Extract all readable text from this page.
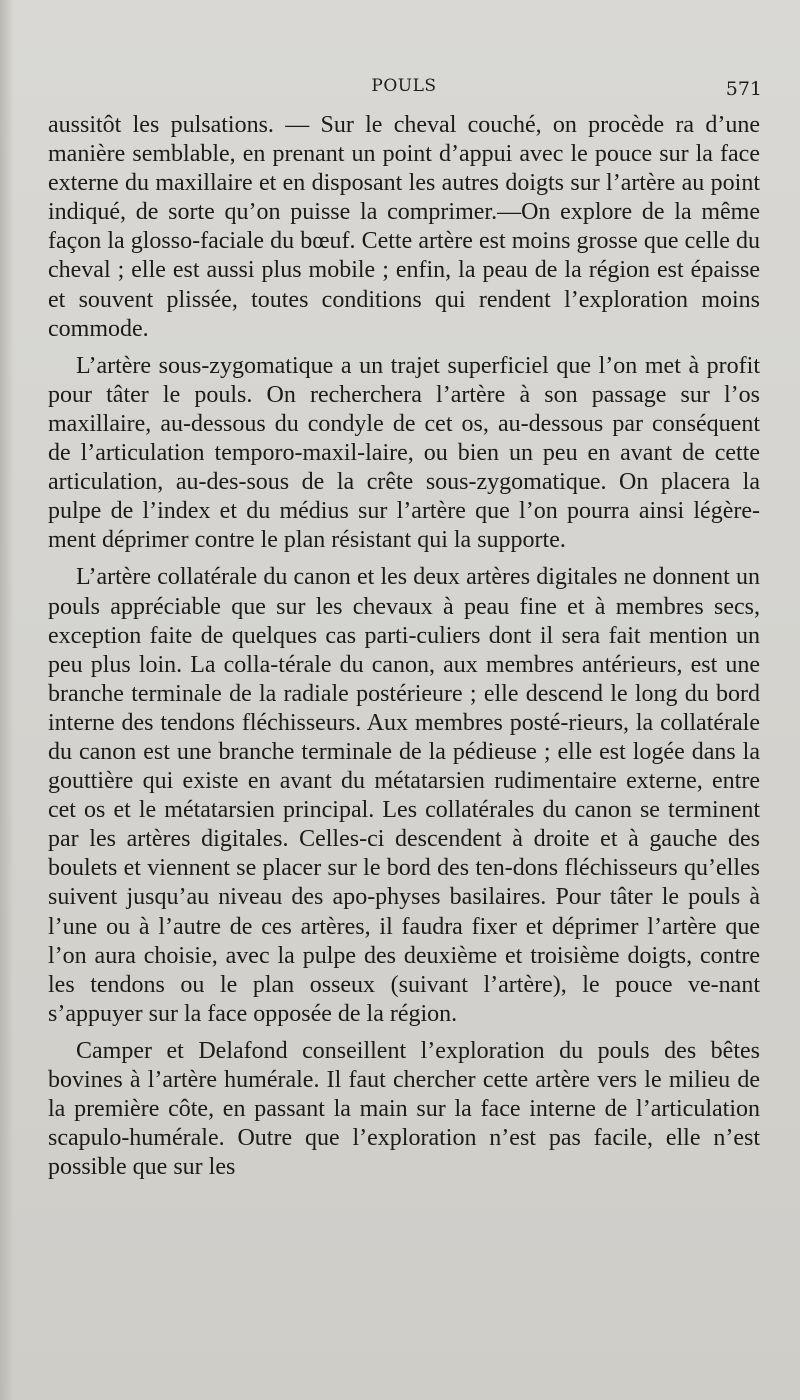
POULS	571

aussitôt les pulsations. — Sur le cheval couché, on procède ra d’une manière semblable, en prenant un point d’appui avec le pouce sur la face externe du maxillaire et en disposant les autres doigts sur l’artère au point indiqué, de sorte qu’on puisse la comprimer.—On explore de la même façon la glosso-faciale du bœuf. Cette artère est moins grosse que celle du cheval ; elle est aussi plus mobile ; enfin, la peau de la région est épaisse et souvent plissée, toutes conditions qui rendent l’exploration moins commode.

L’artère sous-zygomatique a un trajet superficiel que l’on met à profit pour tâter le pouls. On recherchera l’artère à son passage sur l’os maxillaire, au-dessous du condyle de cet os, au-dessous par conséquent de l’articulation temporo-maxil-laire, ou bien un peu en avant de cette articulation, au-des-sous de la crête sous-zygomatique. On placera la pulpe de l’index et du médius sur l’artère que l’on pourra ainsi légère-ment déprimer contre le plan résistant qui la supporte.

L’artère collatérale du canon et les deux artères digitales ne donnent un pouls appréciable que sur les chevaux à peau fine et à membres secs, exception faite de quelques cas parti-culiers dont il sera fait mention un peu plus loin. La colla-térale du canon, aux membres antérieurs, est une branche terminale de la radiale postérieure ; elle descend le long du bord interne des tendons fléchisseurs. Aux membres posté-rieurs, la collatérale du canon est une branche terminale de la pédieuse ; elle est logée dans la gouttière qui existe en avant du métatarsien rudimentaire externe, entre cet os et le métatarsien principal. Les collatérales du canon se terminent par les artères digitales. Celles-ci descendent à droite et à gauche des boulets et viennent se placer sur le bord des ten-dons fléchisseurs qu’elles suivent jusqu’au niveau des apo-physes basilaires. Pour tâter le pouls à l’une ou à l’autre de ces artères, il faudra fixer et déprimer l’artère que l’on aura choisie, avec la pulpe des deuxième et troisième doigts, contre les tendons ou le plan osseux (suivant l’artère), le pouce ve-nant s’appuyer sur la face opposée de la région.

Camper et Delafond conseillent l’exploration du pouls des bêtes bovines à l’artère humérale. Il faut chercher cette artère vers le milieu de la première côte, en passant la main sur la face interne de l’articulation scapulo-humérale. Outre que l’exploration n’est pas facile, elle n’est possible que sur les
